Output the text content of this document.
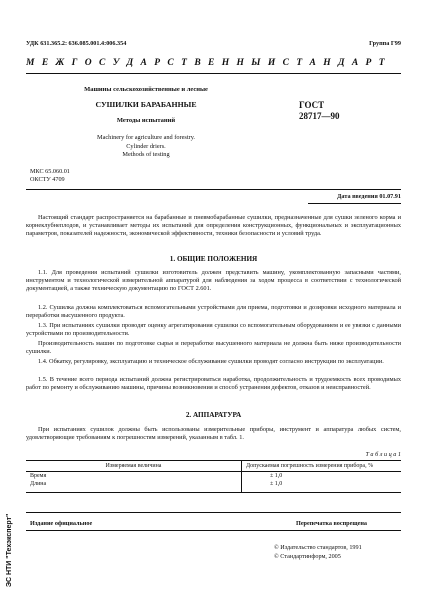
УДК 631.365.2: 636.085.001.4:006.354	Группа Г99
М Е Ж Г О С У Д А Р С Т В Е Н Н Ы Й С Т А Н Д А Р Т
Машины сельскохозяйственные и лесные
СУШИЛКИ БАРАБАННЫЕ
Методы испытаний
ГОСТ
28717—90
Machinery for agriculture and forestry.
Cylinder driers.
Methods of testing
МКС 65.060.01
ОКСТУ 4709
Дата введения 01.07.91
Настоящий стандарт распространяется на барабанные и пневмобарабанные сушилки, предназначенные для сушки зеленого корма и корнеклубнеплодов, и устанавливает методы их испытаний для определения конструкционных, функциональных и эксплуатационных параметров, показателей надежности, экономической эффективности, техники безопасности и условий труда.
1. ОБЩИЕ ПОЛОЖЕНИЯ
1.1. Для проведения испытаний сушилки изготовитель должен представить машину, укомплектованную запасными частями, инструментом и технологической измерительной аппаратурой для наблюдения за ходом процесса в соответствии с технологической документацией, а также техническую документацию по ГОСТ 2.601.
1.2. Сушилка должна комплектоваться вспомогательными устройствами для приема, подготовки и дозировки исходного материала и переработки высушенного продукта.
1.3. При испытаниях сушилки проводят оценку агрегатирования сушилки со вспомогательным оборудованием и ее увязки с данными устройствами по производительности.
Производительность машин по подготовке сырья и переработке высушенного материала не должна быть ниже производительности сушилки.
1.4. Обкатку, регулировку, эксплуатацию и техническое обслуживание сушилки проводят согласно инструкции по эксплуатации.
1.5. В течение всего периода испытаний должна регистрироваться наработка, продолжительность и трудоемкость всех проводимых работ по ремонту и обслуживанию машины, причины возникновения и способ устранения дефектов, отказов и неисправностей.
2. АППАРАТУРА
При испытаниях сушилок должны быть использованы измерительные приборы, инструмент и аппаратура любых систем, удовлетворяющие требованиям к погрешностям измерений, указанным в табл. 1.
Т а б л и ц а 1
Измеряемая величина	Допускаемая погрешность измерения прибора, %
Время	± 1,0
Длина	± 1,0
Издание официальное	Перепечатка воспрещена
© Издательство стандартов, 1991
© Стандартинформ, 2005
ЭС НТИ "Техэксперт"
